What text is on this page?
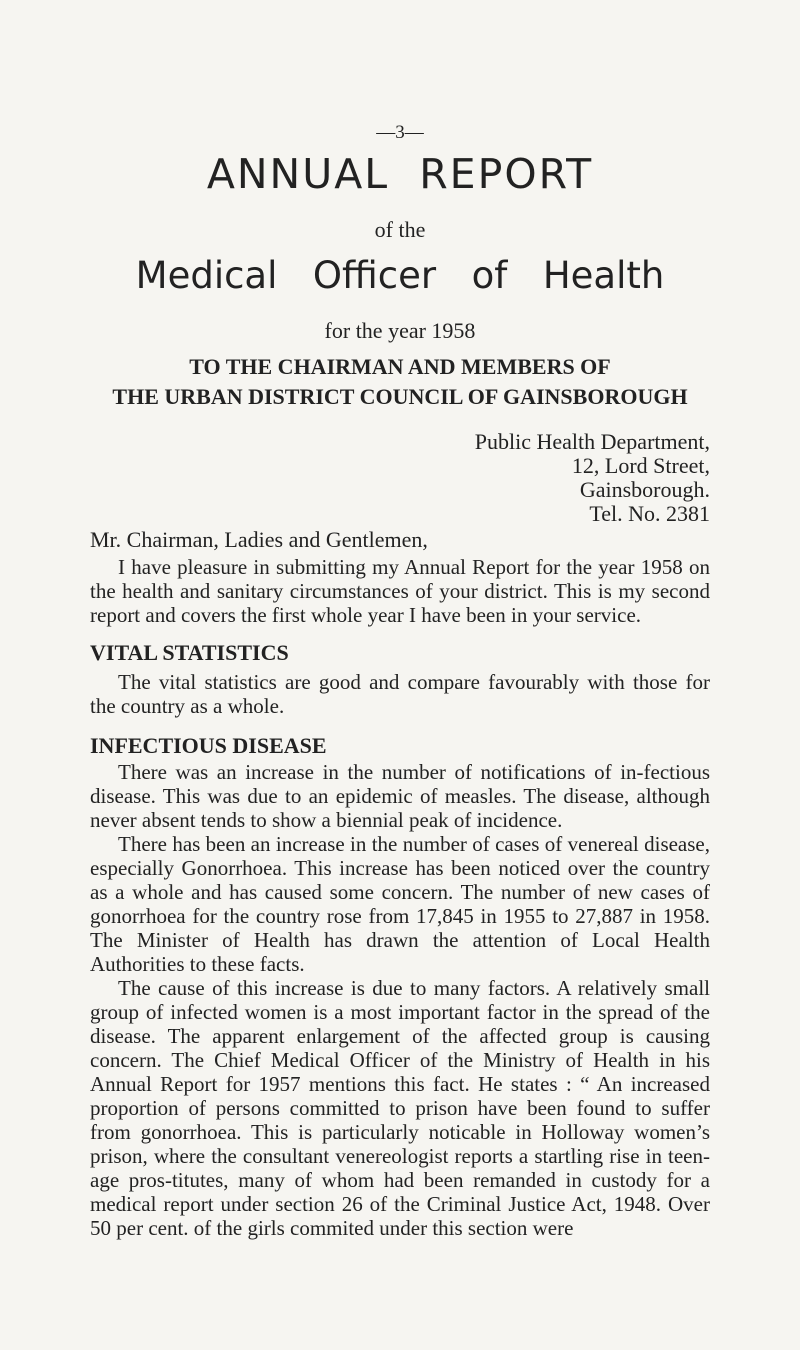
—3—
ANNUAL  REPORT
of the
Medical  Officer  of  Health
for the year 1958
TO THE CHAIRMAN AND MEMBERS OF
THE URBAN DISTRICT COUNCIL OF GAINSBOROUGH
Public Health Department,
12, Lord Street,
Gainsborough.
Tel. No. 2381
Mr. Chairman, Ladies and Gentlemen,

I have pleasure in submitting my Annual Report for the year 1958 on the health and sanitary circumstances of your district. This is my second report and covers the first whole year I have been in your service.

VITAL STATISTICS

The vital statistics are good and compare favourably with those for the country as a whole.

INFECTIOUS DISEASE

There was an increase in the number of notifications of in-fectious disease. This was due to an epidemic of measles. The disease, although never absent tends to show a biennial peak of incidence.

There has been an increase in the number of cases of venereal disease, especially Gonorrhoea. This increase has been noticed over the country as a whole and has caused some concern. The number of new cases of gonorrhoea for the country rose from 17,845 in 1955 to 27,887 in 1958. The Minister of Health has drawn the attention of Local Health Authorities to these facts.

The cause of this increase is due to many factors. A relatively small group of infected women is a most important factor in the spread of the disease. The apparent enlargement of the affected group is causing concern. The Chief Medical Officer of the Ministry of Health in his Annual Report for 1957 mentions this fact. He states : “ An increased proportion of persons committed to prison have been found to suffer from gonorrhoea. This is particularly noticable in Holloway women’s prison, where the consultant venereologist reports a startling rise in teen-age pros-titutes, many of whom had been remanded in custody for a medical report under section 26 of the Criminal Justice Act, 1948. Over 50 per cent. of the girls commited under this section were
